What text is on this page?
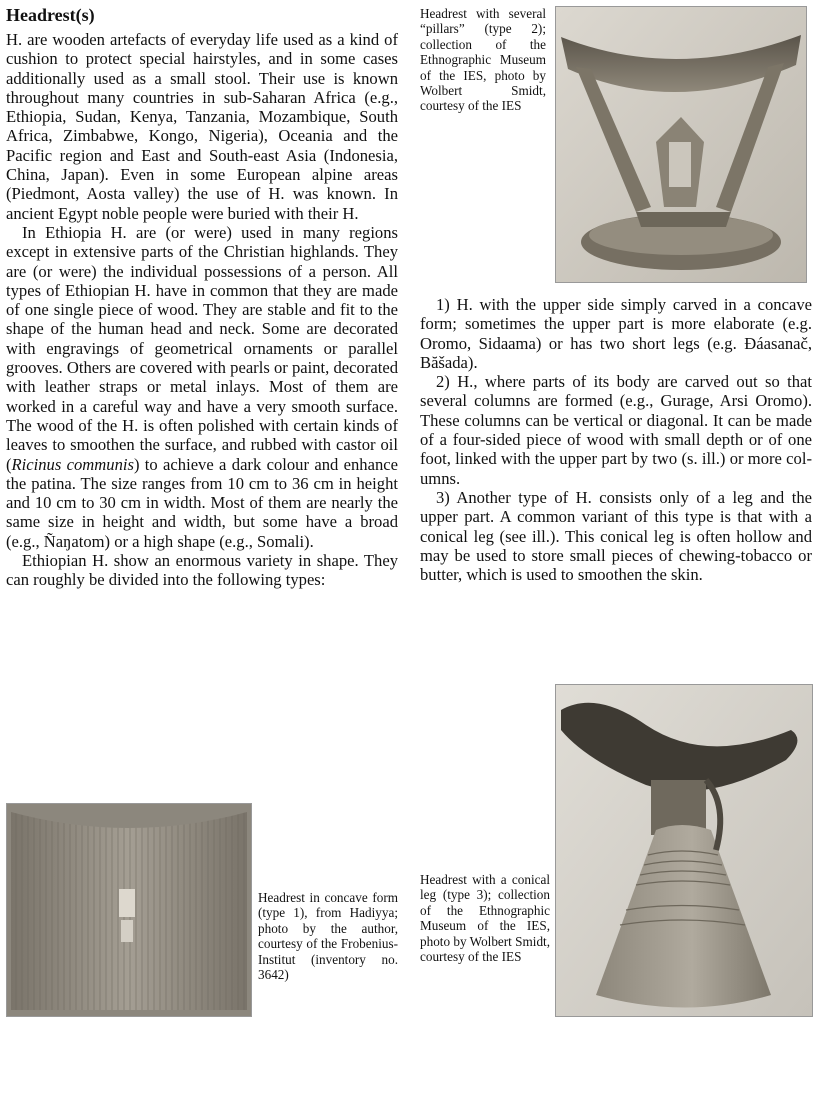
Headrest(s)

H. are wooden artefacts of everyday life used as a kind of cushion to protect special hairstyles, and in some cases additionally used as a small stool. Their use is known throughout many countries in sub-Saharan Africa (e.g., Ethiopia, Sudan, Kenya, Tanzania, Mozambique, South Africa, Zimbabwe, Kongo, Nigeria), Oceania and the Pacific region and East and South-east Asia (Indonesia, China, Japan). Even in some European alpine areas (Piedmont, Aosta valley) the use of H. was known. In ancient Egypt noble people were buried with their H.

In Ethiopia H. are (or were) used in many regions except in extensive parts of the Christian highlands. They are (or were) the individual possessions of a person. All types of Ethiopian H. have in common that they are made of one single piece of wood. They are stable and fit to the shape of the human head and neck. Some are decorated with engravings of geometrical ornaments or parallel grooves. Others are covered with pearls or paint, decorated with leather straps or metal inlays. Most of them are worked in a careful way and have a very smooth surface. The wood of the H. is often polished with certain kinds of leaves to smoothen the surface, and rubbed with castor oil (Ricinus communis) to achieve a dark colour and enhance the patina. The size ranges from 10 cm to 36 cm in height and 10 cm to 30 cm in width. Most of them are nearly the same size in height and width, but some have a broad (e.g., Ñaŋatom) or a high shape (e.g., Somali).

Ethiopian H. show an enormous variety in shape. They can roughly be divided into the following types:

Headrest with several “pillars” (type 2); collection of the Ethnographic Museum of the IES, photo by Wolbert Smidt, courtesy of the IES

1) H. with the upper side simply carved in a concave form; sometimes the upper part is more elaborate (e.g. Oromo, Sidaama) or has two short legs (e.g. Đáasanač, Băšada).

2) H., where parts of its body are carved out so that several columns are formed (e.g., Gurage, Arsi Oromo). These columns can be vertical or diagonal. It can be made of a four-sided piece of wood with small depth or of one foot, linked with the upper part by two (s. ill.) or more columns.

3) Another type of H. consists only of a leg and the upper part. A common variant of this type is that with a conical leg (see ill.). This conical leg is often hollow and may be used to store small pieces of chewing-tobacco or butter, which is used to smoothen the skin.

Headrest in concave form (type 1), from Hadiyya; photo by the author, courtesy of the Frobenius-Institut (inventory no. 3642)

Headrest with a conical leg (type 3); collection of the Ethnographic Museum of the IES, photo by Wolbert Smidt, courtesy of the IES
